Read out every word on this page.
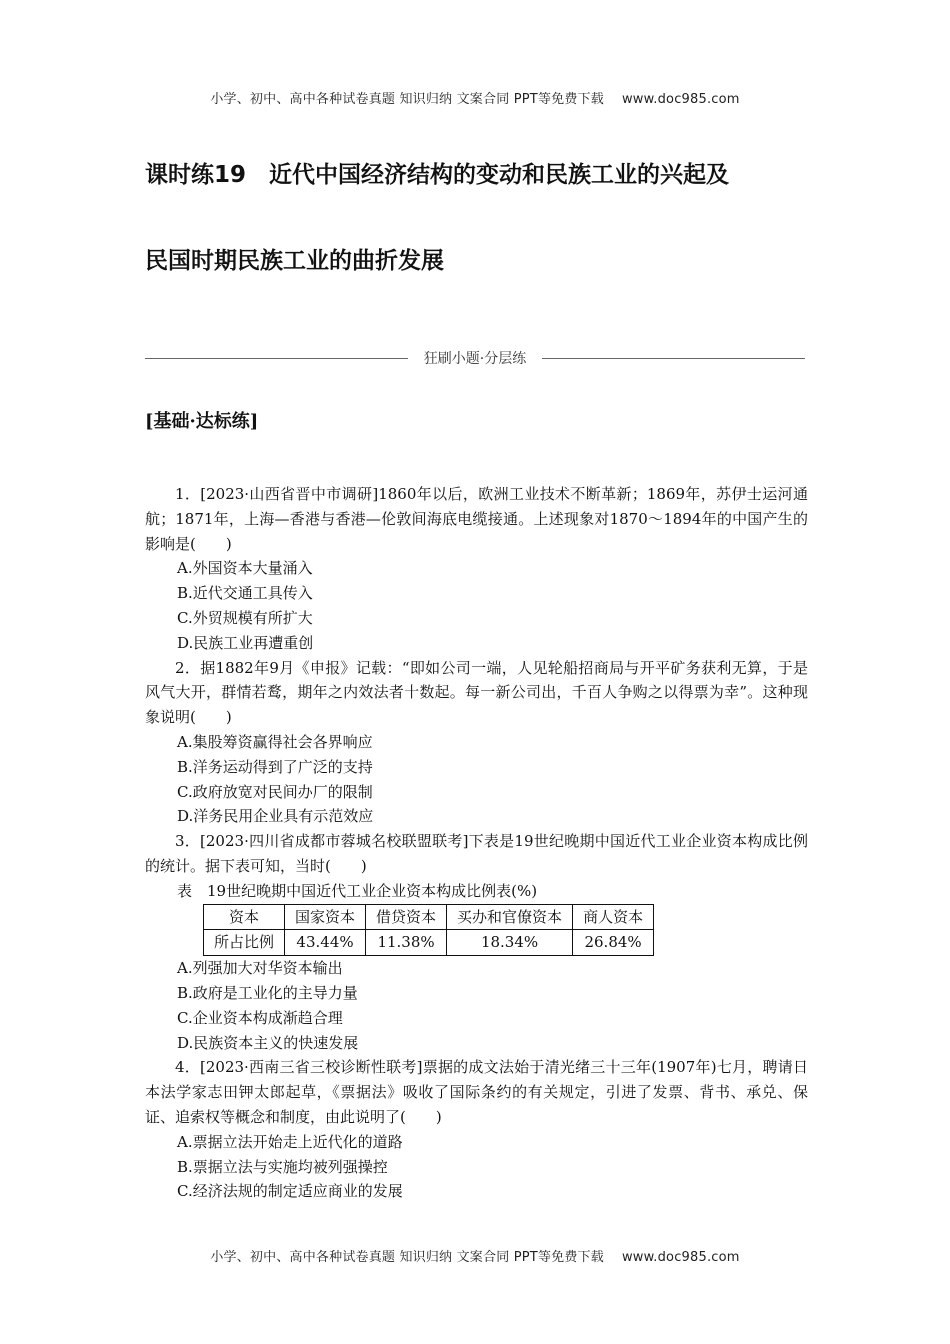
小学、初中、高中各种试卷真题 知识归纳 文案合同 PPT等免费下载 www.doc985.com
课时练19　近代中国经济结构的变动和民族工业的兴起及
民国时期民族工业的曲折发展
狂刷小题·分层练
[基础·达标练]

1．[2023·山西省晋中市调研]1860年以后，欧洲工业技术不断革新；1869年，苏伊士运河通航；1871年，上海—香港与香港—伦敦间海底电缆接通。上述现象对1870～1894年的中国产生的影响是(　　)

A.外国资本大量涌入

B.近代交通工具传入

C.外贸规模有所扩大

D.民族工业再遭重创

2．据1882年9月《申报》记载：“即如公司一端，人见轮船招商局与开平矿务获利无算，于是风气大开，群情若鹜，期年之内效法者十数起。每一新公司出，千百人争购之以得票为幸”。这种现象说明(　　)

A.集股筹资赢得社会各界响应

B.洋务运动得到了广泛的支持

C.政府放宽对民间办厂的限制

D.洋务民用企业具有示范效应

3．[2023·四川省成都市蓉城名校联盟联考]下表是19世纪晚期中国近代工业企业资本构成比例的统计。据下表可知，当时(　　)

表　19世纪晚期中国近代工业企业资本构成比例表(%)

资本	国家资本	借贷资本	买办和官僚资本	商人资本
所占比例	43.44%	11.38%	18.34%	26.84%

A.列强加大对华资本输出

B.政府是工业化的主导力量

C.企业资本构成渐趋合理

D.民族资本主义的快速发展

4．[2023·西南三省三校诊断性联考]票据的成文法始于清光绪三十三年(1907年)七月，聘请日本法学家志田钾太郎起草，《票据法》吸收了国际条约的有关规定，引进了发票、背书、承兑、保证、追索权等概念和制度，由此说明了(　　)

A.票据立法开始走上近代化的道路

B.票据立法与实施均被列强操控

C.经济法规的制定适应商业的发展

小学、初中、高中各种试卷真题 知识归纳 文案合同 PPT等免费下载 www.doc985.com
